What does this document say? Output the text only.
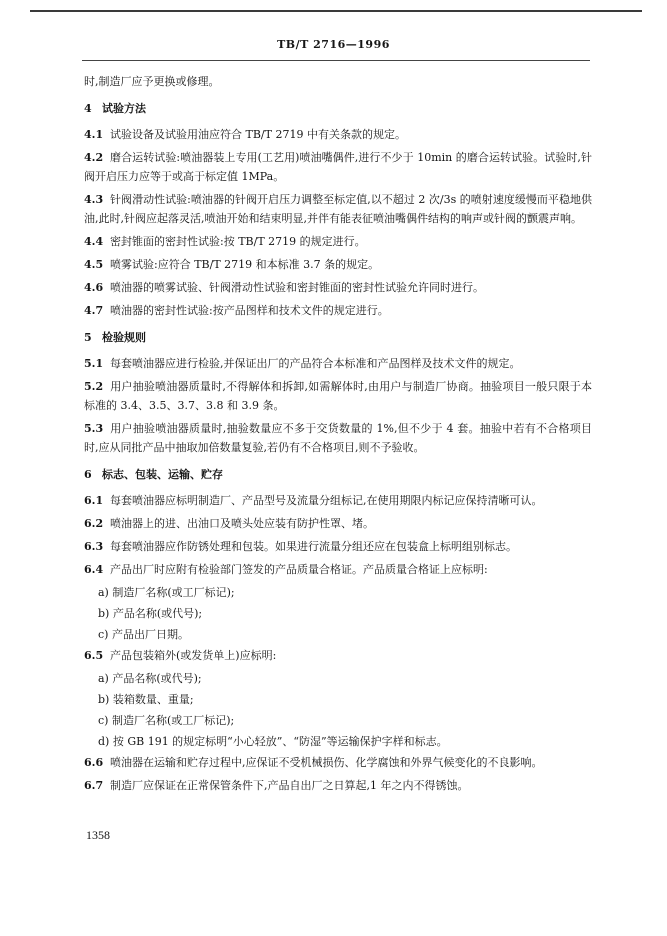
TB/T 2716—1996

时,制造厂应予更换或修理。

4 试验方法

4.1 试验设备及试验用油应符合 TB/T 2719 中有关条款的规定。

4.2 磨合运转试验:喷油器装上专用(工艺用)喷油嘴偶件,进行不少于 10min 的磨合运转试验。试验时,针阀开启压力应等于或高于标定值 1MPa。

4.3 针阀滑动性试验:喷油器的针阀开启压力调整至标定值,以不超过 2 次/3s 的喷射速度缓慢而平稳地供油,此时,针阀应起落灵活,喷油开始和结束明显,并伴有能表征喷油嘴偶件结构的响声或针阀的颤震声响。

4.4 密封锥面的密封性试验:按 TB/T 2719 的规定进行。

4.5 喷雾试验:应符合 TB/T 2719 和本标准 3.7 条的规定。

4.6 喷油器的喷雾试验、针阀滑动性试验和密封锥面的密封性试验允许同时进行。

4.7 喷油器的密封性试验:按产品图样和技术文件的规定进行。

5 检验规则

5.1 每套喷油器应进行检验,并保证出厂的产品符合本标准和产品图样及技术文件的规定。

5.2 用户抽验喷油器质量时,不得解体和拆卸,如需解体时,由用户与制造厂协商。抽验项目一般只限于本标准的 3.4、3.5、3.7、3.8 和 3.9 条。

5.3 用户抽验喷油器质量时,抽验数量应不多于交货数量的 1%,但不少于 4 套。抽验中若有不合格项目时,应从同批产品中抽取加倍数量复验,若仍有不合格项目,则不予验收。

6 标志、包装、运输、贮存

6.1 每套喷油器应标明制造厂、产品型号及流量分组标记,在使用期限内标记应保持清晰可认。

6.2 喷油器上的进、出油口及喷头处应装有防护性罩、堵。

6.3 每套喷油器应作防锈处理和包装。如果进行流量分组还应在包装盒上标明组别标志。

6.4 产品出厂时应附有检验部门签发的产品质量合格证。产品质量合格证上应标明:

a) 制造厂名称(或工厂标记);
b) 产品名称(或代号);
c) 产品出厂日期。

6.5 产品包装箱外(或发货单上)应标明:

a) 产品名称(或代号);
b) 装箱数量、重量;
c) 制造厂名称(或工厂标记);
d) 按 GB 191 的规定标明“小心轻放”、“防湿”等运输保护字样和标志。

6.6 喷油器在运输和贮存过程中,应保证不受机械损伤、化学腐蚀和外界气候变化的不良影响。

6.7 制造厂应保证在正常保管条件下,产品自出厂之日算起,1 年之内不得锈蚀。

1358
